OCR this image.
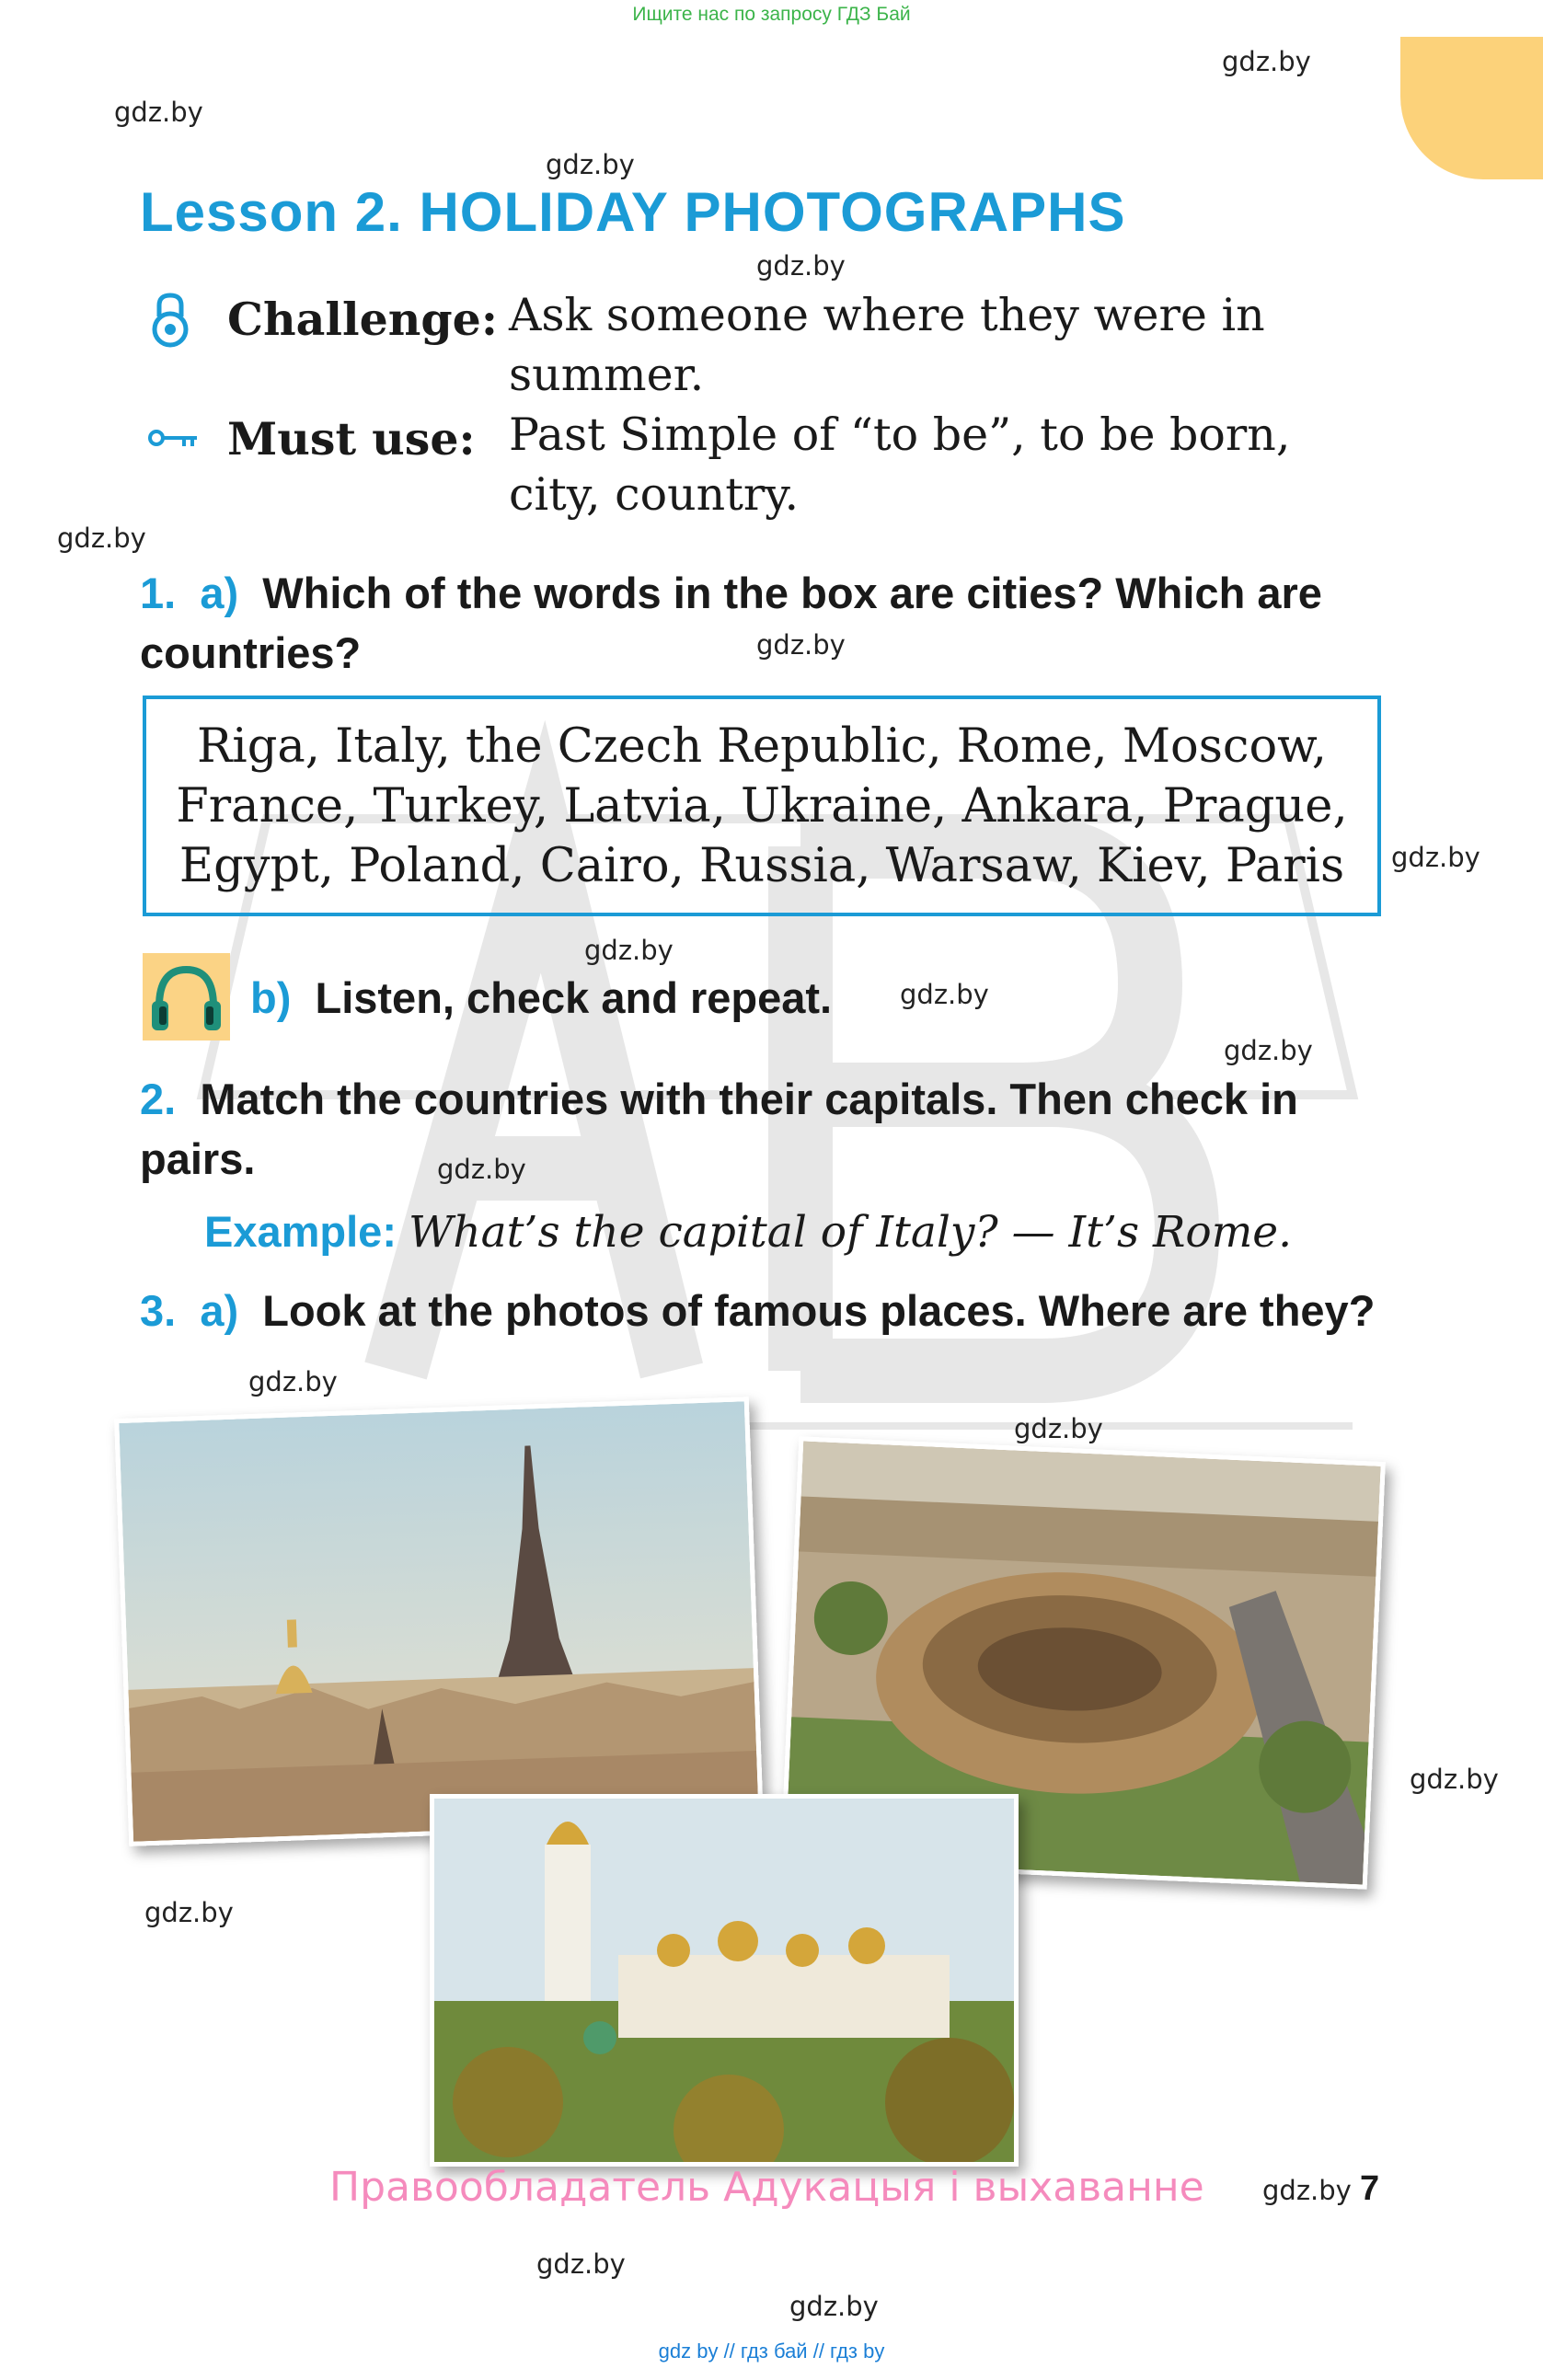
Ищите нас по запросу ГДЗ Бай
gdz.by
gdz.by
gdz.by
gdz.by
gdz.by
gdz.by
gdz.by
gdz.by
gdz.by
gdz.by
gdz.by
gdz.by
gdz.by
gdz.by
gdz.by
gdz.by
gdz.by
gdz.by
Lesson 2. HOLIDAY PHOTOGRAPHS
Challenge: Ask someone where they were in
summer.
Must use: Past Simple of “to be”, to be born,
city, country.
1. a) Which of the words in the box are cities? Which are
countries?

Riga, Italy, the Czech Republic, Rome, Moscow,
France, Turkey, Latvia, Ukraine, Ankara, Prague,
Egypt, Poland, Cairo, Russia, Warsaw, Kiev, Paris

b) Listen, check and repeat.
2. Match the countries with their capitals. Then check in
pairs.
Example: What’s the capital of Italy? — It’s Rome.
3. a) Look at the photos of famous places. Where are they?
Правообладатель Адукацыя і выхаванне	7
gdz by // гдз бай // гдз by
